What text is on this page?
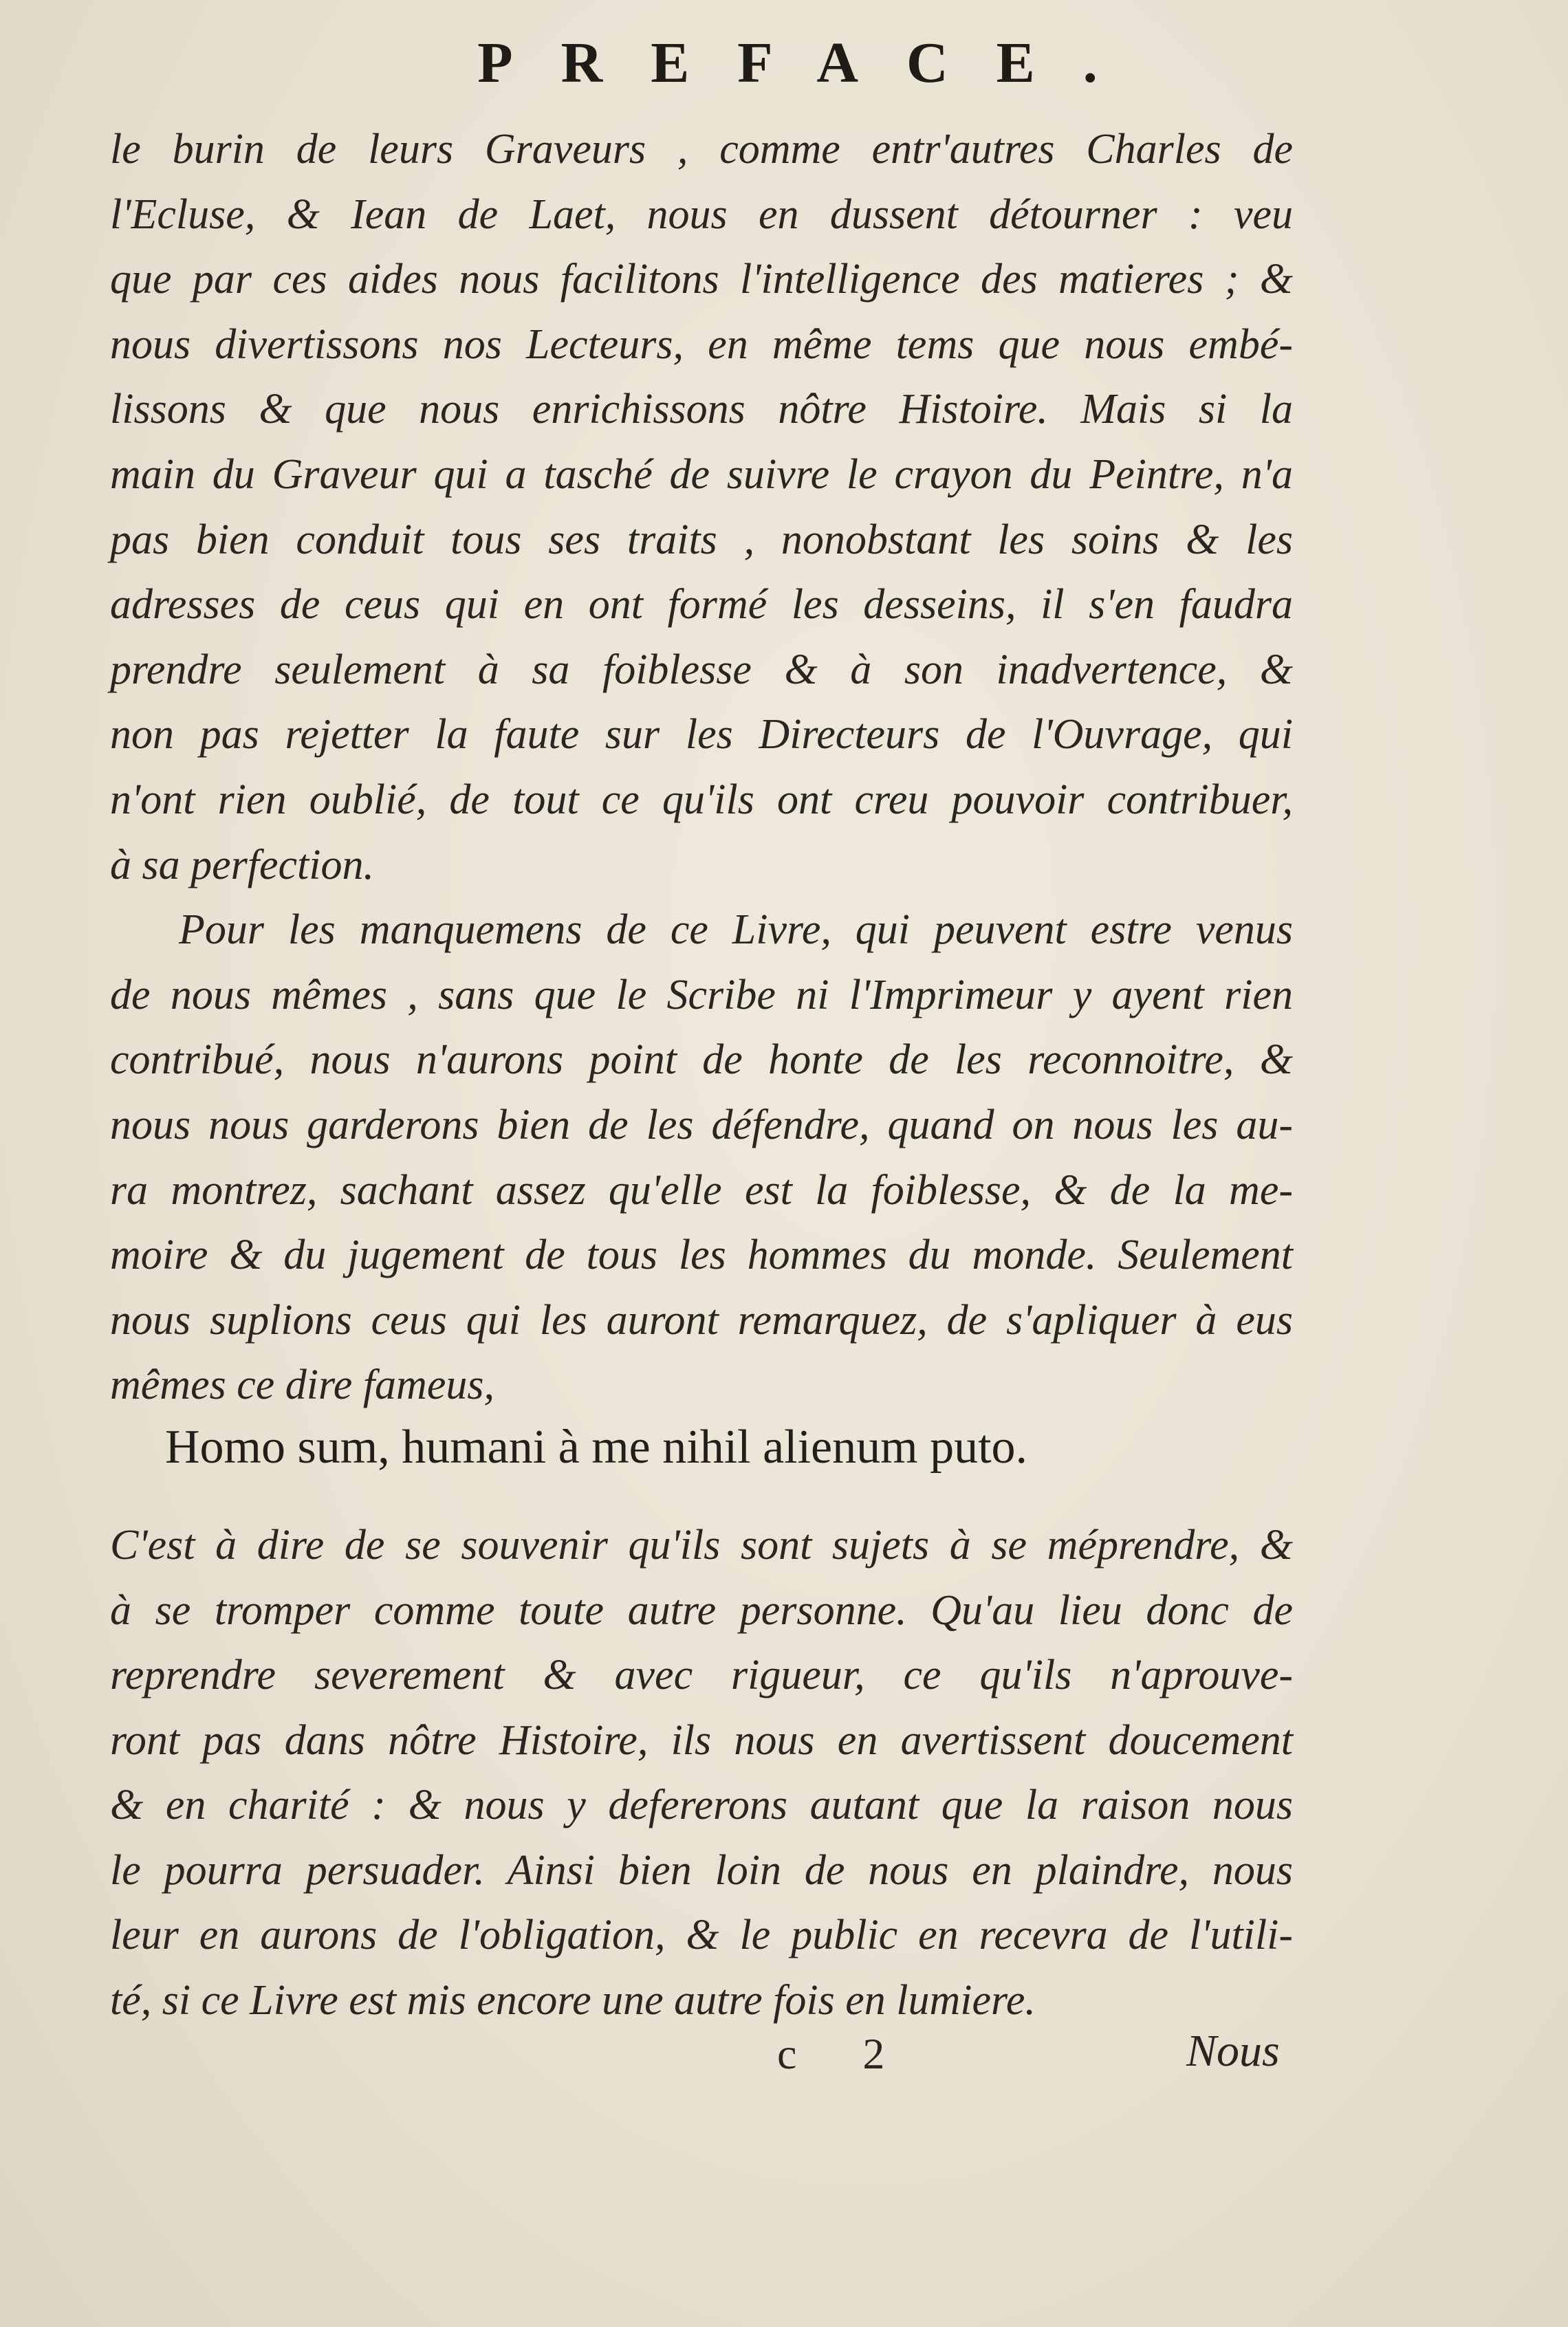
PREFACE.
le burin de leurs Graveurs , comme entr'autres Charles de
l'Ecluse, & Iean de Laet, nous en dussent détourner : veu
que par ces aides nous facilitons l'intelligence des matieres ; &
nous divertissons nos Lecteurs, en même tems que nous embé-
lissons & que nous enrichissons nôtre Histoire. Mais si la
main du Graveur qui a tasché de suivre le crayon du Peintre, n'a
pas bien conduit tous ses traits , nonobstant les soins & les
adresses de ceus qui en ont formé les desseins, il s'en faudra
prendre seulement à sa foiblesse & à son inadvertence, &
non pas rejetter la faute sur les Directeurs de l'Ouvrage, qui
n'ont rien oublié, de tout ce qu'ils ont creu pouvoir contribuer,
à sa perfection.
Pour les manquemens de ce Livre, qui peuvent estre venus
de nous mêmes , sans que le Scribe ni l'Imprimeur y ayent rien
contribué, nous n'aurons point de honte de les reconnoitre, &
nous nous garderons bien de les défendre, quand on nous les au-
ra montrez, sachant assez qu'elle est la foiblesse, & de la me-
moire & du jugement de tous les hommes du monde. Seulement
nous suplions ceus qui les auront remarquez, de s'apliquer à eus
mêmes ce dire fameus,
Homo sum, humani à me nihil alienum puto.
C'est à dire de se souvenir qu'ils sont sujets à se méprendre, &
à se tromper comme toute autre personne. Qu'au lieu donc de
reprendre severement & avec rigueur, ce qu'ils n'aprouve-
ront pas dans nôtre Histoire, ils nous en avertissent doucement
& en charité : & nous y defererons autant que la raison nous
le pourra persuader. Ainsi bien loin de nous en plaindre, nous
leur en aurons de l'obligation, & le public en recevra de l'utili-
té, si ce Livre est mis encore une autre fois en lumiere.
c 2	Nous
